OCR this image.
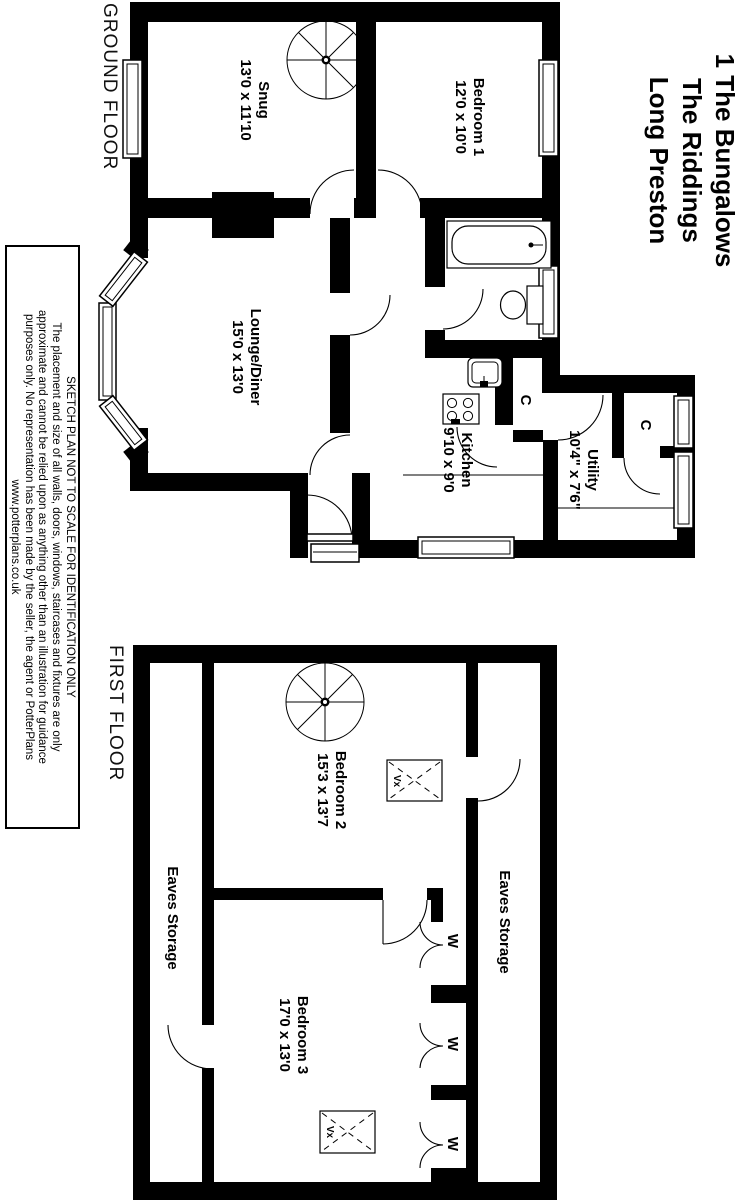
Snug
13'0 x 11'10	Bedroom 1
12'0 x 10'0
Lounge/Diner
15'0 x 13'0
Kitchen
9'10 x 9'0	Utility
10'4" x 7'6"
C
C
Vx
Vx
Bedroom 2
15'3 x 13'7
Bedroom 3
17'0 x 13'0
Eaves Storage	Eaves Storage
W
W
W
1 The Bungalows
The Riddings
Long Preston
GROUND FLOOR
FIRST FLOOR
SKETCH PLAN NOT TO SCALE FOR IDENTIFICATION ONLY
The placement and size of all walls, doors, windows, staircases and fixtures are only
approximate and cannot be relied upon as anything other than an illustration for guidance
purposes only. No representation has been made by the seller, the agent or PotterPlans
www.potterplans.co.uk
